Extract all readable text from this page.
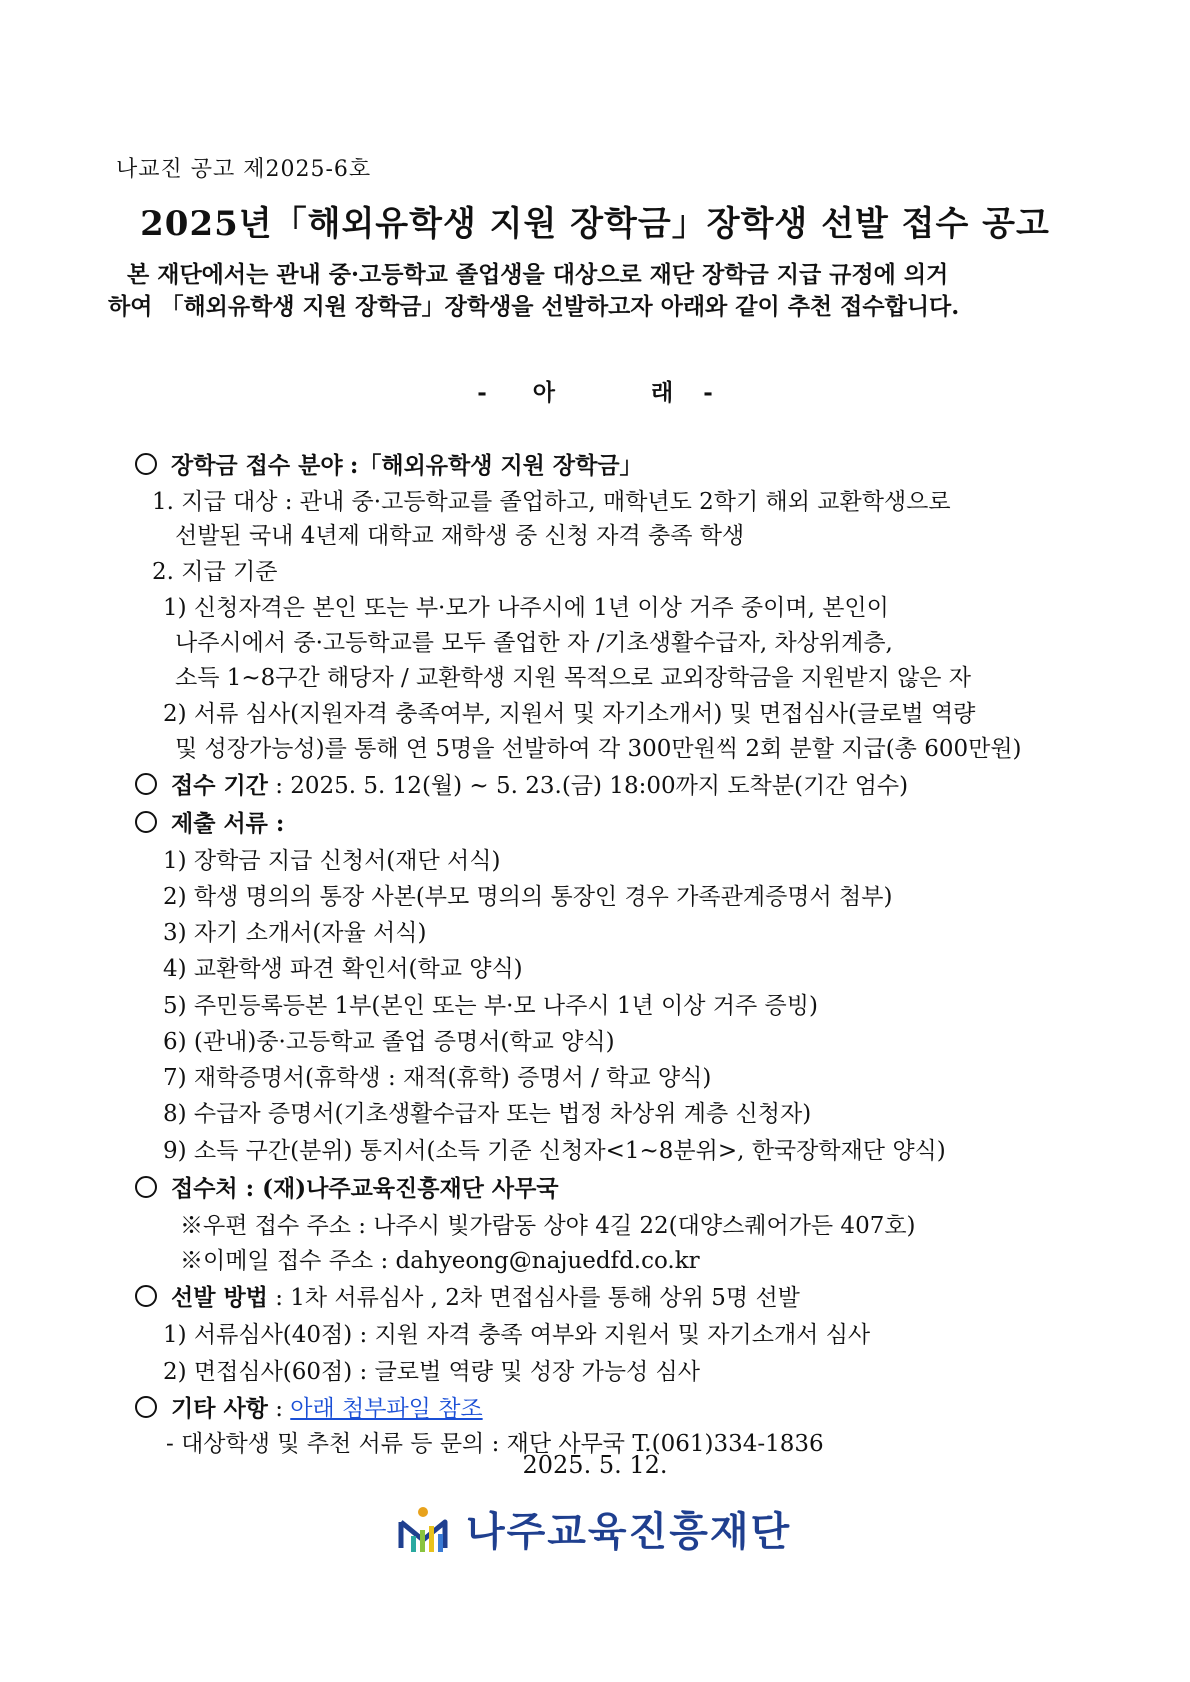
나교진 공고 제2025-6호
2025년「해외유학생 지원 장학금」장학생 선발 접수 공고
본 재단에서는 관내 중·고등학교 졸업생을 대상으로 재단 장학금 지급 규정에 의거
하여 「해외유학생 지원 장학금」장학생을 선발하고자 아래와 같이 추천 접수합니다.
- 아	래 -
장학금 접수 분야 :「해외유학생 지원 장학금」
1. 지급 대상 : 관내 중·고등학교를 졸업하고, 매학년도 2학기 해외 교환학생으로
선발된 국내 4년제 대학교 재학생 중 신청 자격 충족 학생
2. 지급 기준
1) 신청자격은 본인 또는 부·모가 나주시에 1년 이상 거주 중이며, 본인이
나주시에서 중·고등학교를 모두 졸업한 자 /기초생활수급자, 차상위계층,
소득 1~8구간 해당자 / 교환학생 지원 목적으로 교외장학금을 지원받지 않은 자
2) 서류 심사(지원자격 충족여부, 지원서 및 자기소개서) 및 면접심사(글로벌 역량
및 성장가능성)를 통해 연 5명을 선발하여 각 300만원씩 2회 분할 지급(총 600만원)
접수 기간 : 2025. 5. 12(월) ~ 5. 23.(금) 18:00까지 도착분(기간 엄수)
제출 서류 :
1) 장학금 지급 신청서(재단 서식)
2) 학생 명의의 통장 사본(부모 명의의 통장인 경우 가족관계증명서 첨부)
3) 자기 소개서(자율 서식)
4) 교환학생 파견 확인서(학교 양식)
5) 주민등록등본 1부(본인 또는 부·모 나주시 1년 이상 거주 증빙)
6) (관내)중·고등학교 졸업 증명서(학교 양식)
7) 재학증명서(휴학생 : 재적(휴학) 증명서 / 학교 양식)
8) 수급자 증명서(기초생활수급자 또는 법정 차상위 계층 신청자)
9) 소득 구간(분위) 통지서(소득 기준 신청자<1~8분위>, 한국장학재단 양식)
접수처 : (재)나주교육진흥재단 사무국
※우편 접수 주소 : 나주시 빛가람동 상야 4길 22(대양스퀘어가든 407호)
※이메일 접수 주소 : dahyeong@najuedfd.co.kr
선발 방법 : 1차 서류심사 , 2차 면접심사를 통해 상위 5명 선발
1) 서류심사(40점) : 지원 자격 충족 여부와 지원서 및 자기소개서 심사
2) 면접심사(60점) : 글로벌 역량 및 성장 가능성 심사
기타 사항 : 아래 첨부파일 참조
- 대상학생 및 추천 서류 등 문의 : 재단 사무국 T.(061)334-1836
2025. 5. 12.
나주교육진흥재단
